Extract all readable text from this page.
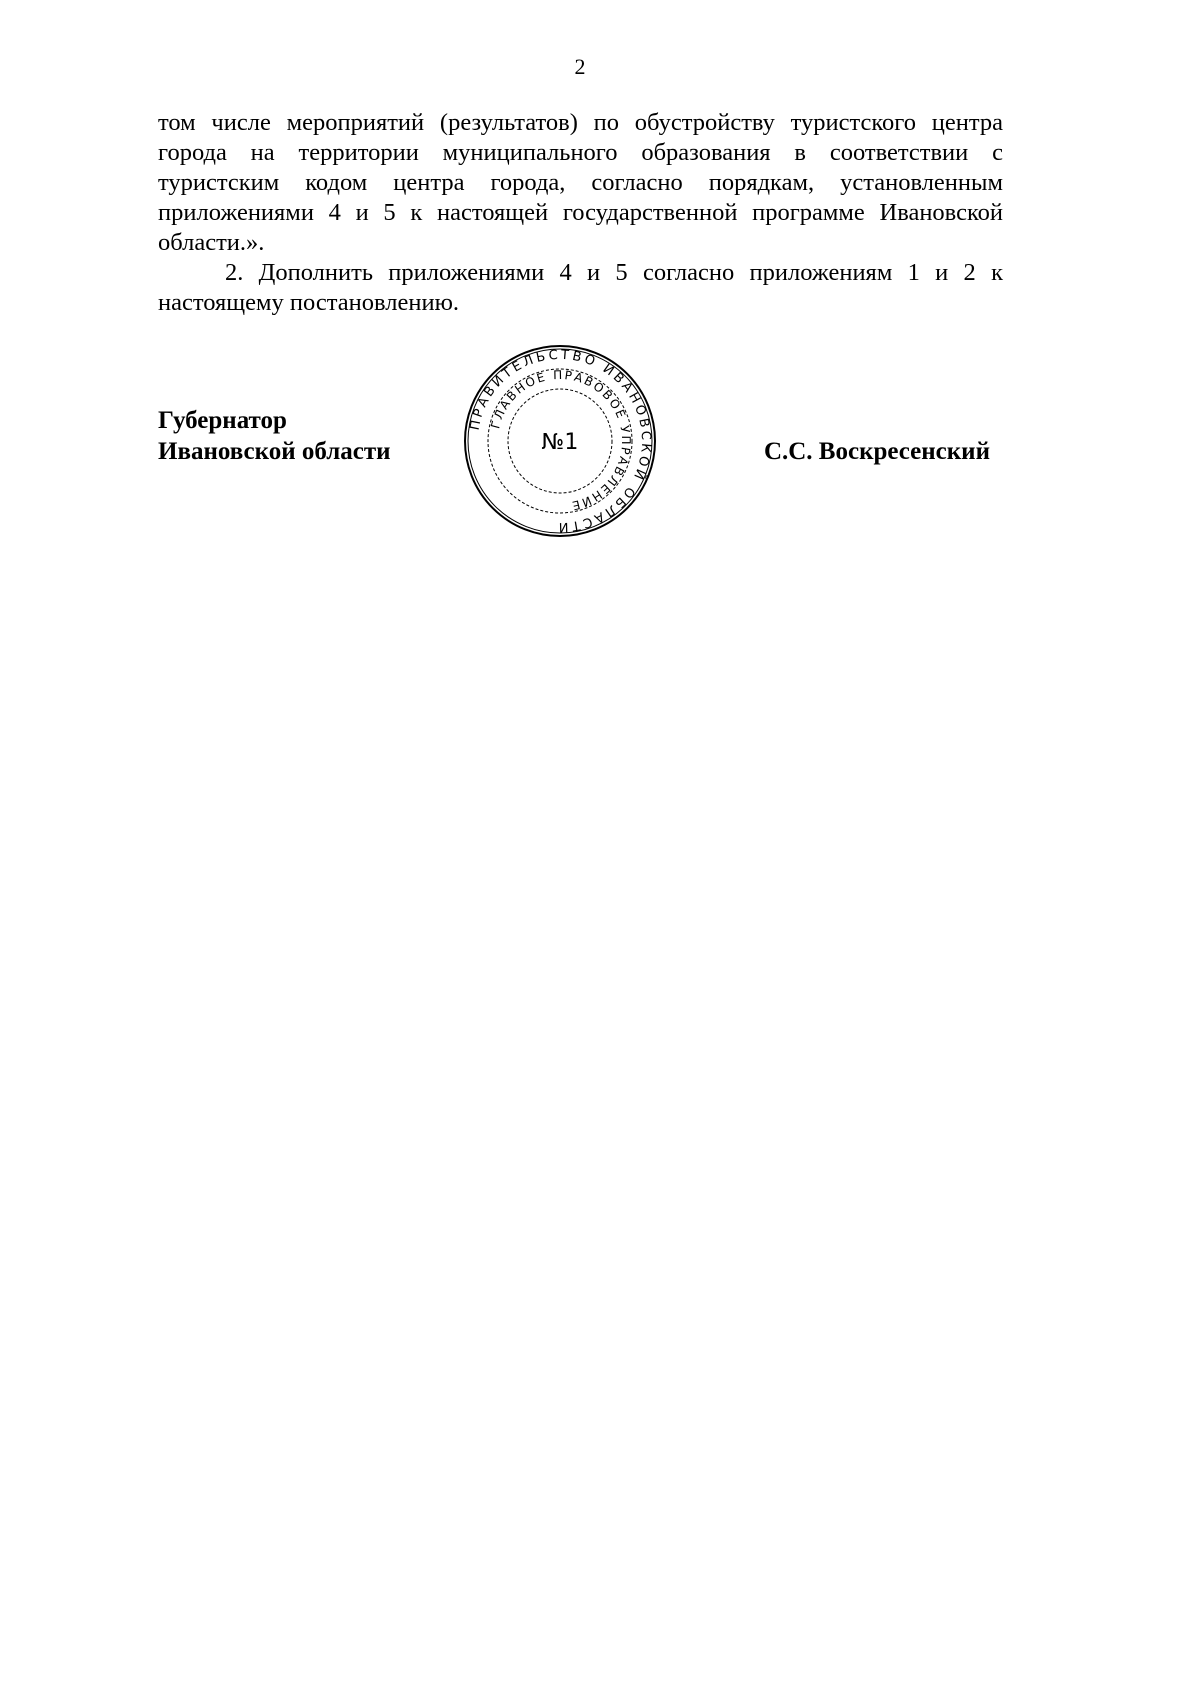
2
том числе мероприятий (результатов) по обустройству туристского центра
города на территории муниципального образования в соответствии с
туристским кодом центра города, согласно порядкам, установленным
приложениями 4 и 5 к настоящей государственной программе Ивановской
области.».
2. Дополнить приложениями 4 и 5 согласно приложениям 1 и 2 к
настоящему постановлению.
Губернатор
Ивановской области	С.С. Воскресенский
ПРАВИТЕЛЬСТВО ИВАНОВСКОЙ ОБЛАСТИ
ГЛАВНОЕ ПРАВОВОЕ УПРАВЛЕНИЕ
№1
